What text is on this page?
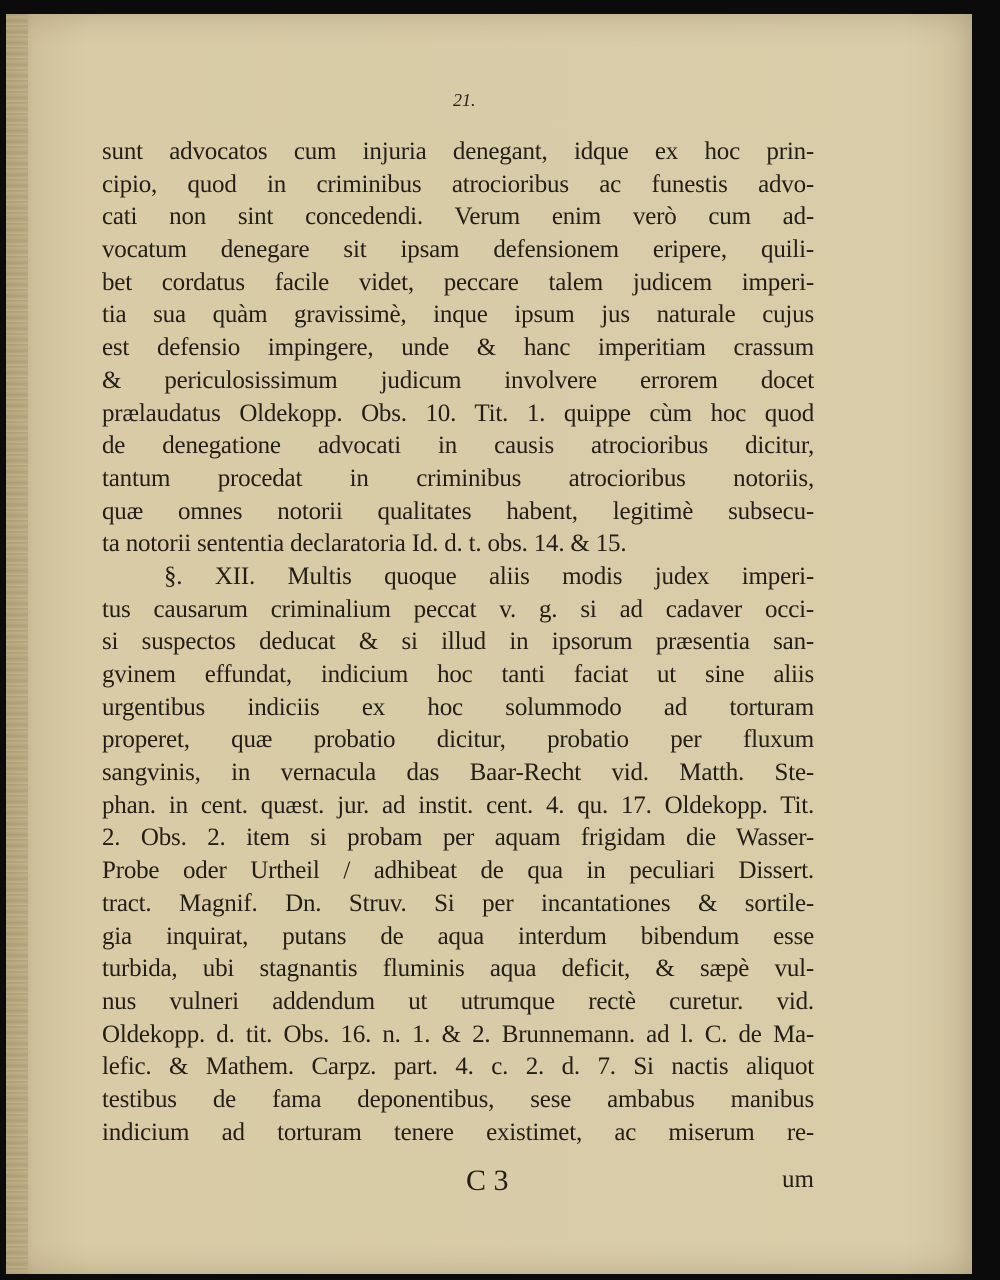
21.
sunt advocatos cum injuria denegant, idque ex hoc prin-
cipio, quod in criminibus atrocioribus ac funestis advo-
cati non sint concedendi. Verum enim verò cum ad-
vocatum denegare sit ipsam defensionem eripere, quili-
bet cordatus facile videt, peccare talem judicem imperi-
tia sua quàm gravissimè, inque ipsum jus naturale cujus
est defensio impingere, unde & hanc imperitiam crassum
& periculosissimum judicum involvere errorem docet
prælaudatus Oldekopp. Obs. 10. Tit. 1. quippe cùm hoc quod
de denegatione advocati in causis atrocioribus dicitur,
tantum procedat in criminibus atrocioribus notoriis,
quæ omnes notorii qualitates habent, legitimè subsecu-
ta notorii sententia declaratoria Id. d. t. obs. 14. & 15.
§. XII. Multis quoque aliis modis judex imperi-
tus causarum criminalium peccat v. g. si ad cadaver occi-
si suspectos deducat & si illud in ipsorum præsentia san-
gvinem effundat, indicium hoc tanti faciat ut sine aliis
urgentibus indiciis ex hoc solummodo ad torturam
properet, quæ probatio dicitur, probatio per fluxum
sangvinis, in vernacula das Baar-Recht vid. Matth. Ste-
phan. in cent. quæst. jur. ad instit. cent. 4. qu. 17. Oldekopp. Tit.
2. Obs. 2. item si probam per aquam frigidam die Wasser-
Probe oder Urtheil / adhibeat de qua in peculiari Dissert.
tract. Magnif. Dn. Struv. Si per incantationes & sortile-
gia inquirat, putans de aqua interdum bibendum esse
turbida, ubi stagnantis fluminis aqua deficit, & sæpè vul-
nus vulneri addendum ut utrumque rectè curetur. vid.
Oldekopp. d. tit. Obs. 16. n. 1. & 2. Brunnemann. ad l. C. de Ma-
lefic. & Mathem. Carpz. part. 4. c. 2. d. 7. Si nactis aliquot
testibus de fama deponentibus, sese ambabus manibus
indicium ad torturam tenere existimet, ac miserum re-
C 3	um
